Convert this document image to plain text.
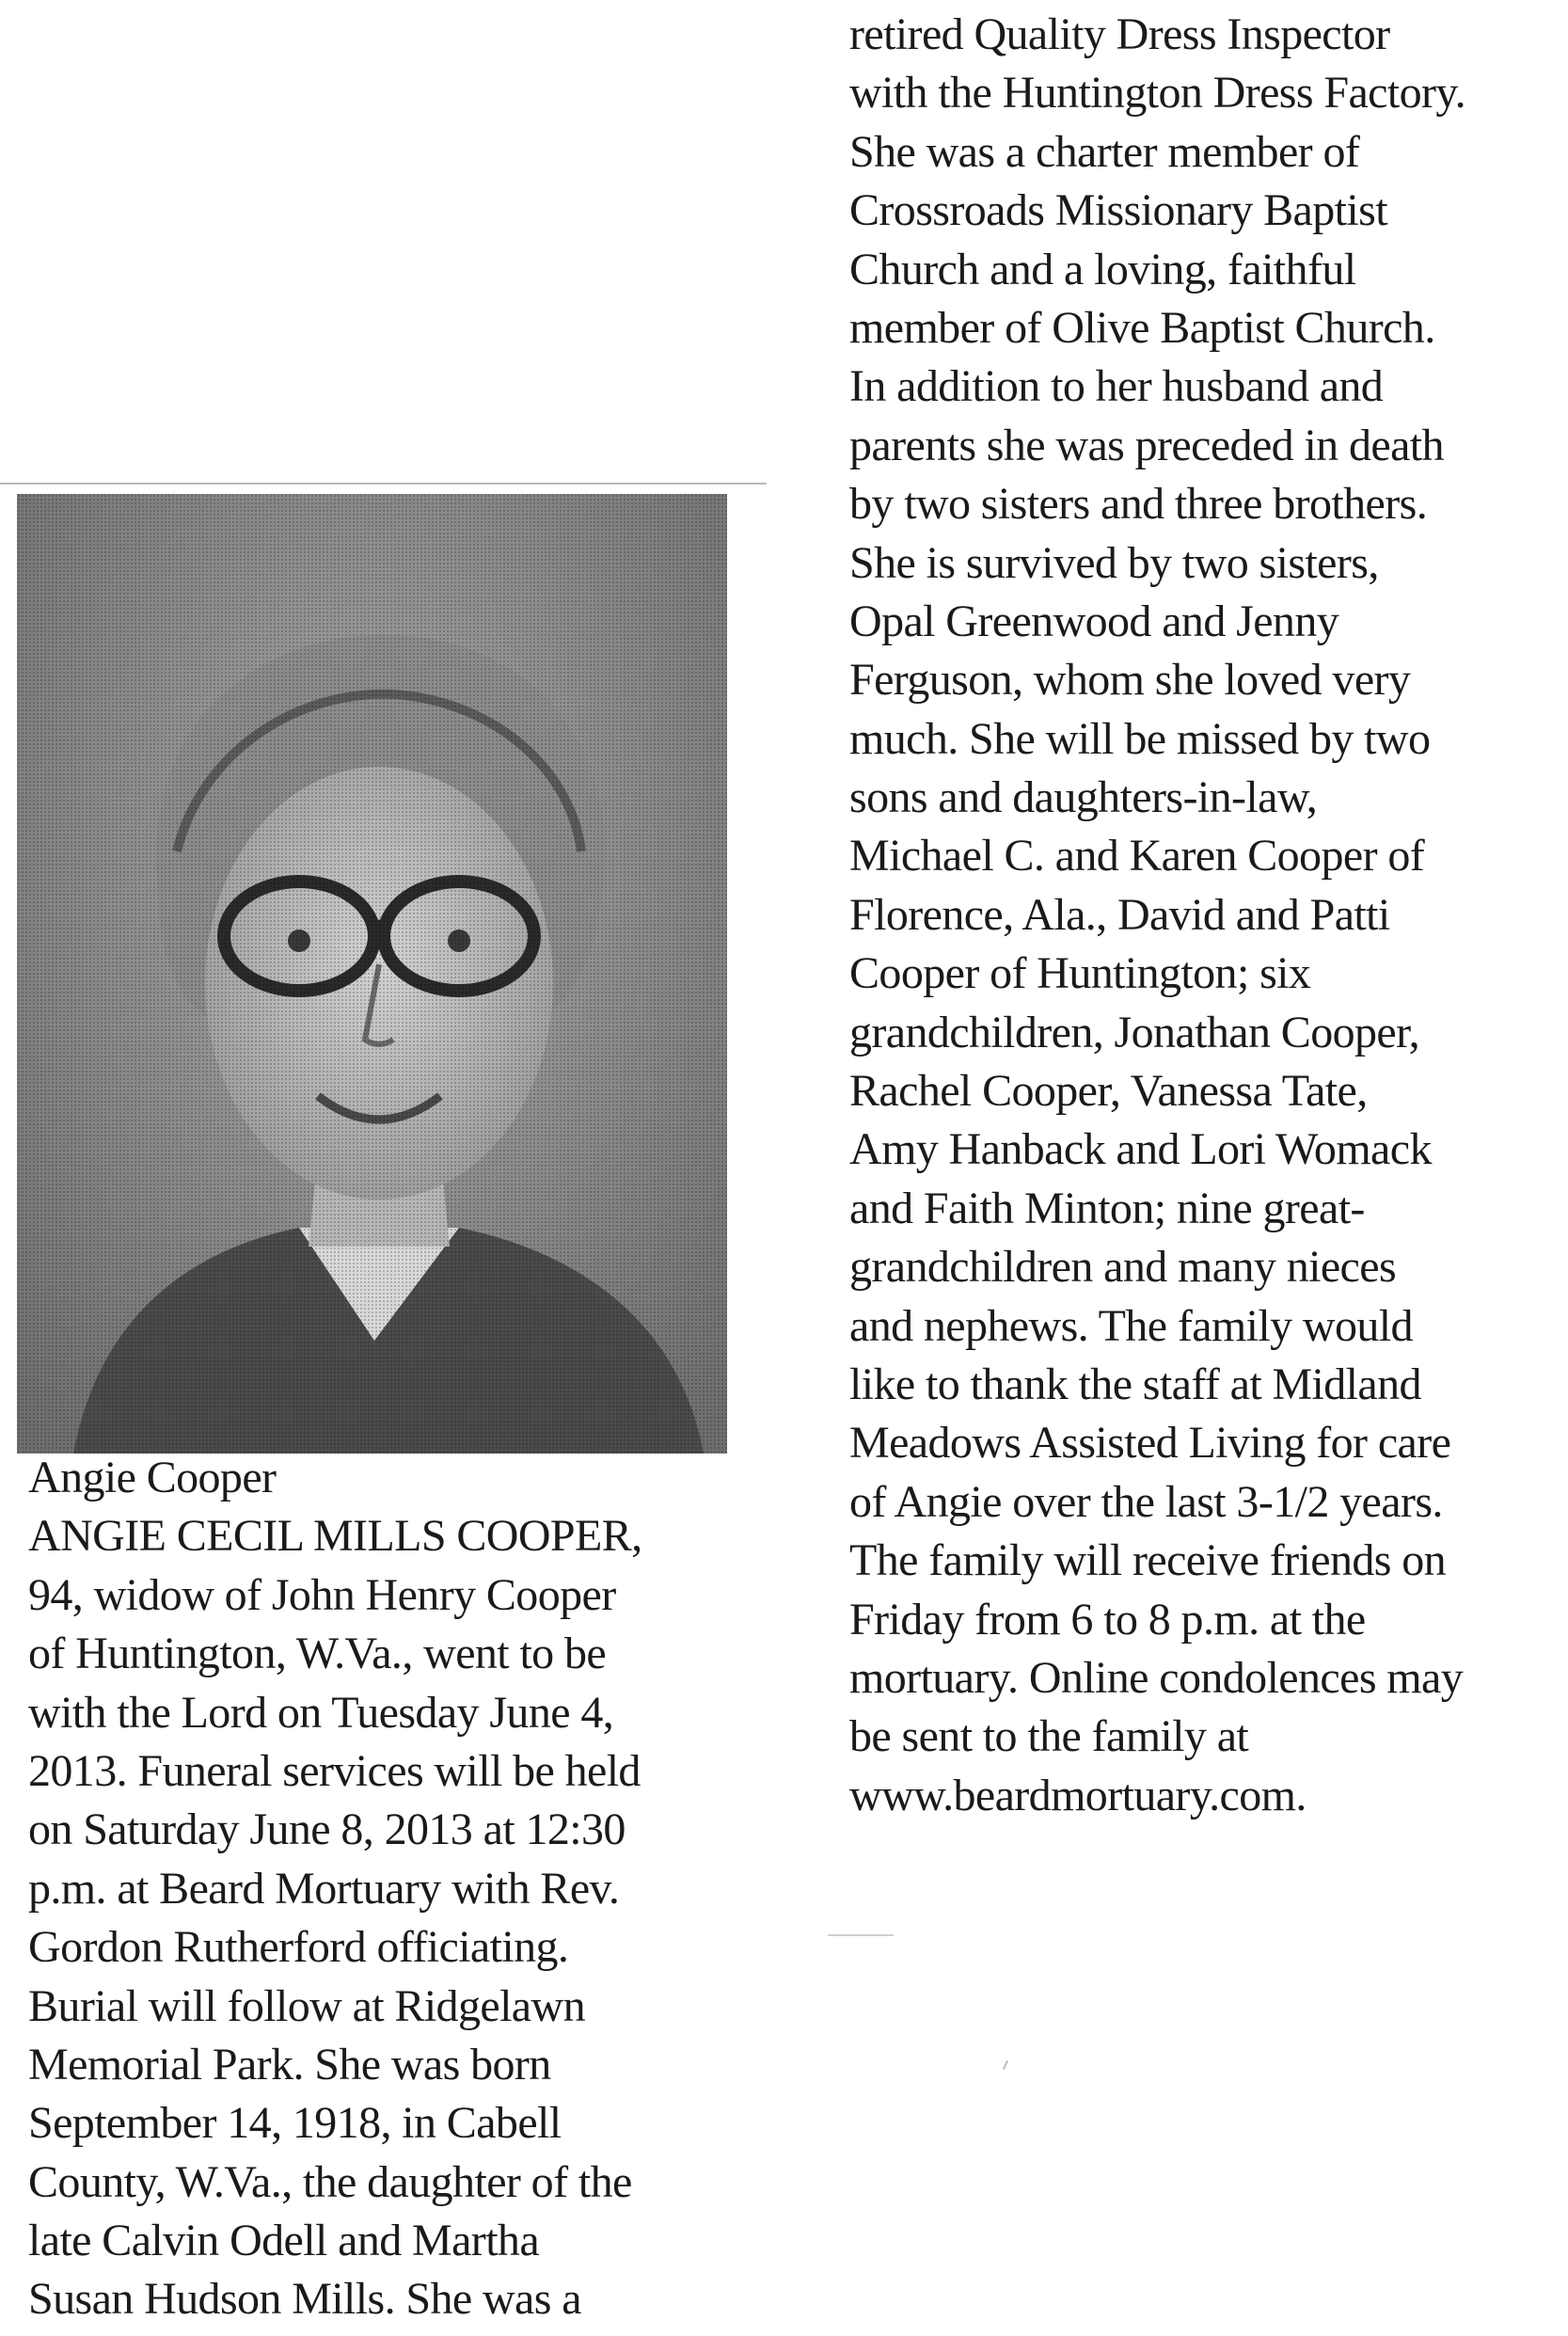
Angie Cooper
ANGIE CECIL MILLS COOPER,
94, widow of John Henry Cooper
of Huntington, W.Va., went to be
with the Lord on Tuesday June 4,
2013. Funeral services will be held
on Saturday June 8, 2013 at 12:30
p.m. at Beard Mortuary with Rev.
Gordon Rutherford officiating.
Burial will follow at Ridgelawn
Memorial Park. She was born
September 14, 1918, in Cabell
County, W.Va., the daughter of the
late Calvin Odell and Martha
Susan Hudson Mills. She was a
retired Quality Dress Inspector
with the Huntington Dress Factory.
She was a charter member of
Crossroads Missionary Baptist
Church and a loving, faithful
member of Olive Baptist Church.
In addition to her husband and
parents she was preceded in death
by two sisters and three brothers.
She is survived by two sisters,
Opal Greenwood and Jenny
Ferguson, whom she loved very
much. She will be missed by two
sons and daughters-in-law,
Michael C. and Karen Cooper of
Florence, Ala., David and Patti
Cooper of Huntington; six
grandchildren, Jonathan Cooper,
Rachel Cooper, Vanessa Tate,
Amy Hanback and Lori Womack
and Faith Minton; nine great-
grandchildren and many nieces
and nephews. The family would
like to thank the staff at Midland
Meadows Assisted Living for care
of Angie over the last 3-1/2 years.
The family will receive friends on
Friday from 6 to 8 p.m. at the
mortuary. Online condolences may
be sent to the family at
www.beardmortuary.com.
